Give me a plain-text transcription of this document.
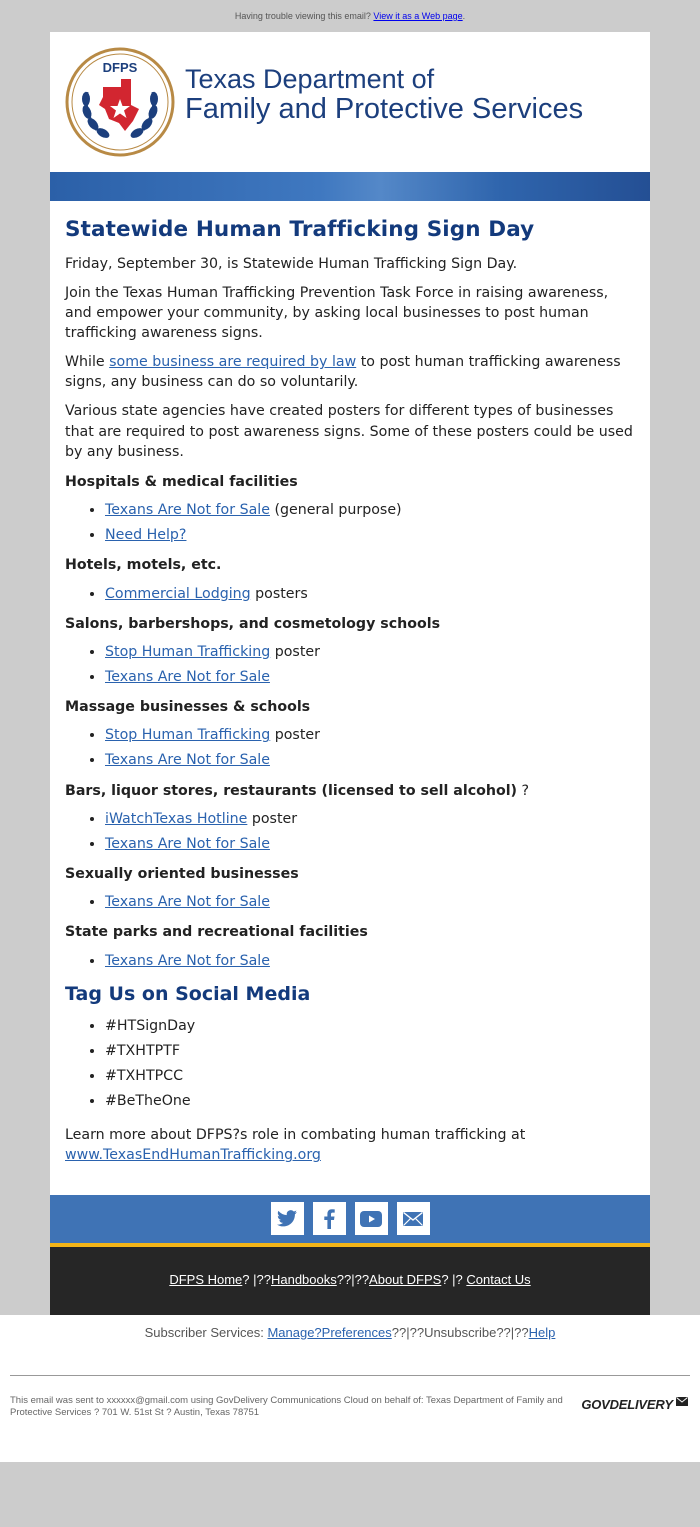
Having trouble viewing this email? View it as a Web page.
DFPS Texas Department of
Family and Protective Services
Statewide Human Trafficking Sign Day

Friday, September 30, is Statewide Human Trafficking Sign Day.

Join the Texas Human Trafficking Prevention Task Force in raising awareness, and empower your community, by asking local businesses to post human trafficking awareness signs.

While some business are required by law to post human trafficking awareness signs, any business can do so voluntarily.

Various state agencies have created posters for different types of businesses that are required to post awareness signs. Some of these posters could be used by any business.

Hospitals & medical facilities
• Texans Are Not for Sale (general purpose)
• Need Help?
Hotels, motels, etc.
• Commercial Lodging posters
Salons, barbershops, and cosmetology schools
• Stop Human Trafficking poster
• Texans Are Not for Sale
Massage businesses & schools
• Stop Human Trafficking poster
• Texans Are Not for Sale
Bars, liquor stores, restaurants (licensed to sell alcohol) ?
• iWatchTexas Hotline poster
• Texans Are Not for Sale
Sexually oriented businesses
• Texans Are Not for Sale
State parks and recreational facilities
• Texans Are Not for Sale
Tag Us on Social Media
• #HTSignDay
• #TXHTPTF
• #TXHTPCC
• #BeTheOne

Learn more about DFPS?s role in combating human trafficking at
www.TexasEndHumanTrafficking.org

DFPS Home? |??Handbooks??|??About DFPS? |? Contact Us
Subscriber Services: Manage?Preferences??|??Unsubscribe??|??Help
This email was sent to xxxxxx@gmail.com using GovDelivery Communications Cloud on behalf of: Texas Department of Family and Protective Services ? 701 W. 51st St ? Austin, Texas 78751
GOVDELIVERY
